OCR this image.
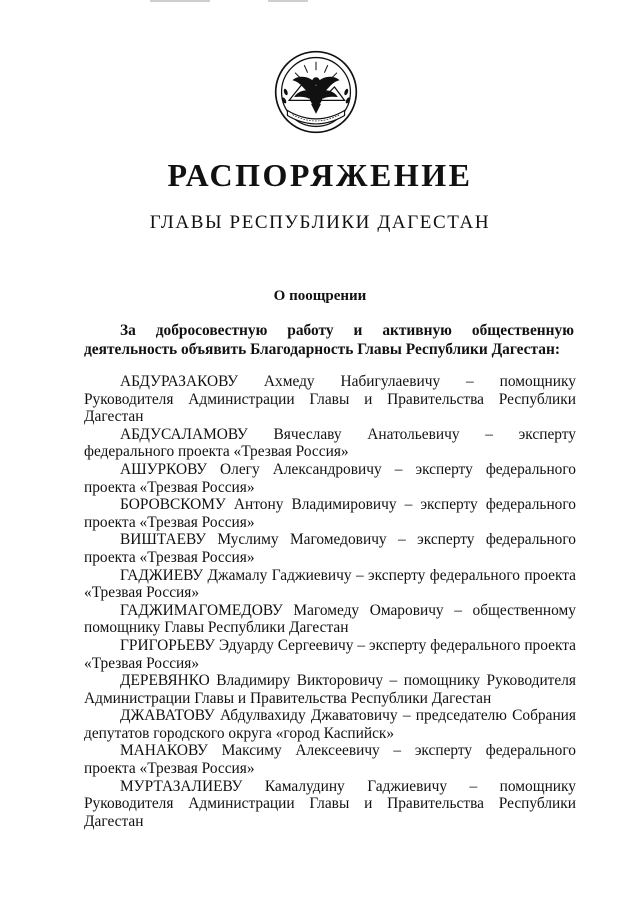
РАСПОРЯЖЕНИЕ
ГЛАВЫ РЕСПУБЛИКИ ДАГЕСТАН
О поощрении
За добросовестную работу и активную общественную деятельность объявить Благодарность Главы Республики Дагестан:

АБДУРАЗАКОВУ Ахмеду Набигулаевичу – помощнику Руководителя Администрации Главы и Правительства Республики Дагестан

АБДУСАЛАМОВУ Вячеславу Анатольевичу – эксперту федерального проекта «Трезвая Россия»

АШУРКОВУ Олегу Александровичу – эксперту федерального проекта «Трезвая Россия»

БОРОВСКОМУ Антону Владимировичу – эксперту федерального проекта «Трезвая Россия»

ВИШТАЕВУ Муслиму Магомедовичу – эксперту федерального проекта «Трезвая Россия»

ГАДЖИЕВУ Джамалу Гаджиевичу – эксперту федерального проекта «Трезвая Россия»

ГАДЖИМАГОМЕДОВУ Магомеду Омаровичу – общественному помощнику Главы Республики Дагестан

ГРИГОРЬЕВУ Эдуарду Сергеевичу – эксперту федерального проекта «Трезвая Россия»

ДЕРЕВЯНКО Владимиру Викторовичу – помощнику Руководителя Администрации Главы и Правительства Республики Дагестан

ДЖАВАТОВУ Абдулвахиду Джаватовичу – председателю Собрания депутатов городского округа «город Каспийск»

МАНАКОВУ Максиму Алексеевичу – эксперту федерального проекта «Трезвая Россия»

МУРТАЗАЛИЕВУ Камалудину Гаджиевичу – помощнику Руководителя Администрации Главы и Правительства Республики Дагестан
